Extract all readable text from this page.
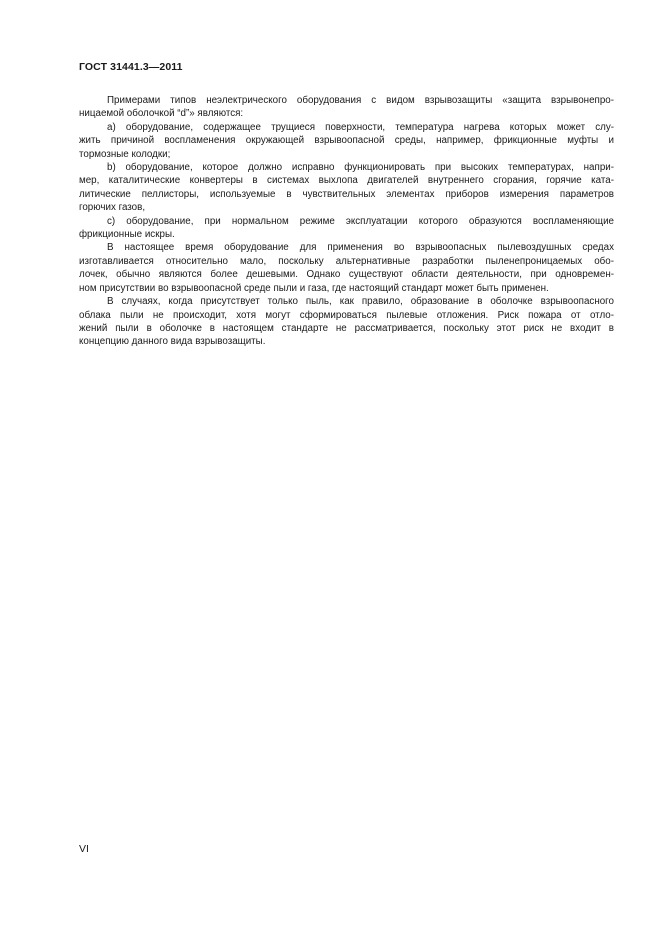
ГОСТ 31441.3—2011
Примерами типов неэлектрического оборудования с видом взрывозащиты «защита взрывонепро-
ницаемой оболочкой “d”» являются:
a) оборудование, содержащее трущиеся поверхности, температура нагрева которых может слу-
жить причиной воспламенения окружающей взрывоопасной среды, например, фрикционные муфты и
тормозные колодки;
b) оборудование, которое должно исправно функционировать при высоких температурах, напри-
мер, каталитические конвертеры в системах выхлопа двигателей внутреннего сгорания, горячие ката-
литические пеллисторы, используемые в чувствительных элементах приборов измерения параметров
горючих газов,
c) оборудование, при нормальном режиме эксплуатации которого образуются воспламеняющие
фрикционные искры.
В настоящее время оборудование для применения во взрывоопасных пылевоздушных средах
изготавливается относительно мало, поскольку альтернативные разработки пыленепроницаемых обо-
лочек, обычно являются более дешевыми. Однако существуют области деятельности, при одновремен-
ном присутствии во взрывоопасной среде пыли и газа, где настоящий стандарт может быть применен.
В случаях, когда присутствует только пыль, как правило, образование в оболочке взрывоопасного
облака пыли не происходит, хотя могут сформироваться пылевые отложения. Риск пожара от отло-
жений пыли в оболочке в настоящем стандарте не рассматривается, поскольку этот риск не входит в
концепцию данного вида взрывозащиты.
VI
